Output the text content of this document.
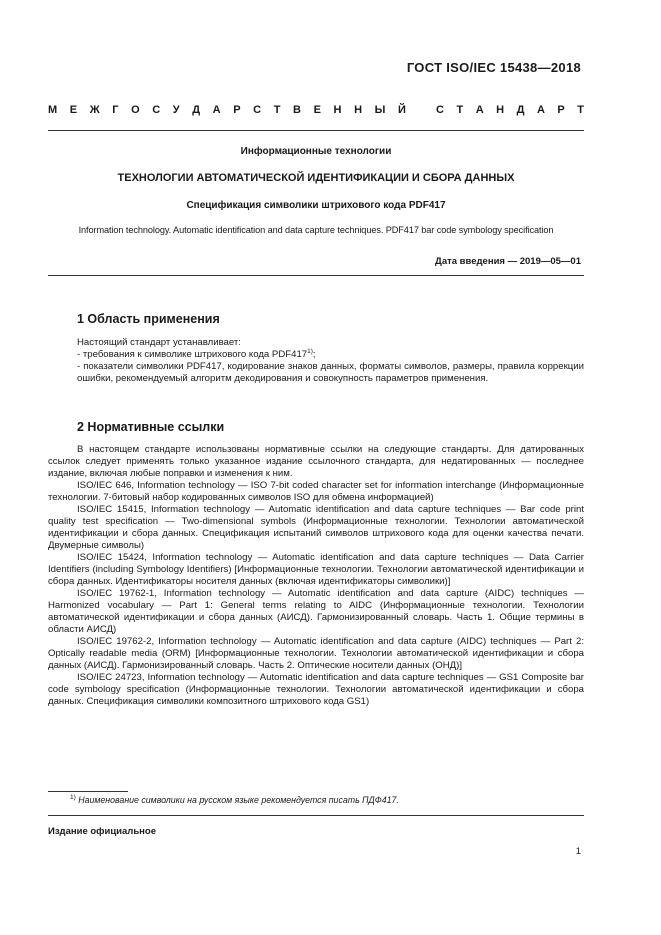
ГОСТ ISO/IEC 15438—2018
М Е Ж Г О С У Д А Р С Т В Е Н Н Ы Й	С Т А Н Д А Р Т
Информационные технологии
ТЕХНОЛОГИИ АВТОМАТИЧЕСКОЙ ИДЕНТИФИКАЦИИ И СБОРА ДАННЫХ
Спецификация символики штрихового кода PDF417
Information technology. Automatic identification and data capture techniques. PDF417 bar code symbology specification
Дата введения — 2019—05—01
1 Область применения

Настоящий стандарт устанавливает:

- требования к символике штрихового кода PDF417$^{1)}$;

- показатели символики PDF417, кодирование знаков данных, форматы символов, размеры, правила коррекции ошибки, рекомендуемый алгоритм декодирования и совокупность параметров применения.

2 Нормативные ссылки

В настоящем стандарте использованы нормативные ссылки на следующие стандарты. Для датированных ссылок следует применять только указанное издание ссылочного стандарта, для недатированных — последнее издание, включая любые поправки и изменения к ним.

ISO/IEC 646, Information technology — ISO 7-bit coded character set for information interchange (Информационные технологии. 7-битовый набор кодированных символов ISO для обмена информацией)

ISO/IEC 15415, Information technology — Automatic identification and data capture techniques — Bar code print quality test specification — Two-dimensional symbols (Информационные технологии. Технологии автоматической идентификации и сбора данных. Спецификация испытаний символов штрихового кода для оценки качества печати. Двумерные символы)

ISO/IEC 15424, Information technology — Automatic identification and data capture techniques — Data Carrier Identifiers (including Symbology Identifiers) [Информационные технологии. Технологии автоматической идентификации и сбора данных. Идентификаторы носителя данных (включая идентификаторы символики)]

ISO/IEC 19762-1, Information technology — Automatic identification and data capture (AIDC) techniques — Harmonized vocabulary — Part 1: General terms relating to AIDC (Информационные технологии. Технологии автоматической идентификации и сбора данных (АИСД). Гармонизированный словарь. Часть 1. Общие термины в области АИСД)

ISO/IEC 19762-2, Information technology — Automatic identification and data capture (AIDC) techniques — Part 2: Optically readable media (ORM) [Информационные технологии. Технологии автоматической идентификации и сбора данных (АИСД). Гармонизированный словарь. Часть 2. Оптические носители данных (ОНД)]

ISO/IEC 24723, Information technology — Automatic identification and data capture techniques — GS1 Composite bar code symbology specification (Информационные технологии. Технологии автоматической идентификации и сбора данных. Спецификация символики композитного штрихового кода GS1)

$^{1)}$ Наименование символики на русском языке рекомендуется писать ПДФ417.
Издание официальное
1
